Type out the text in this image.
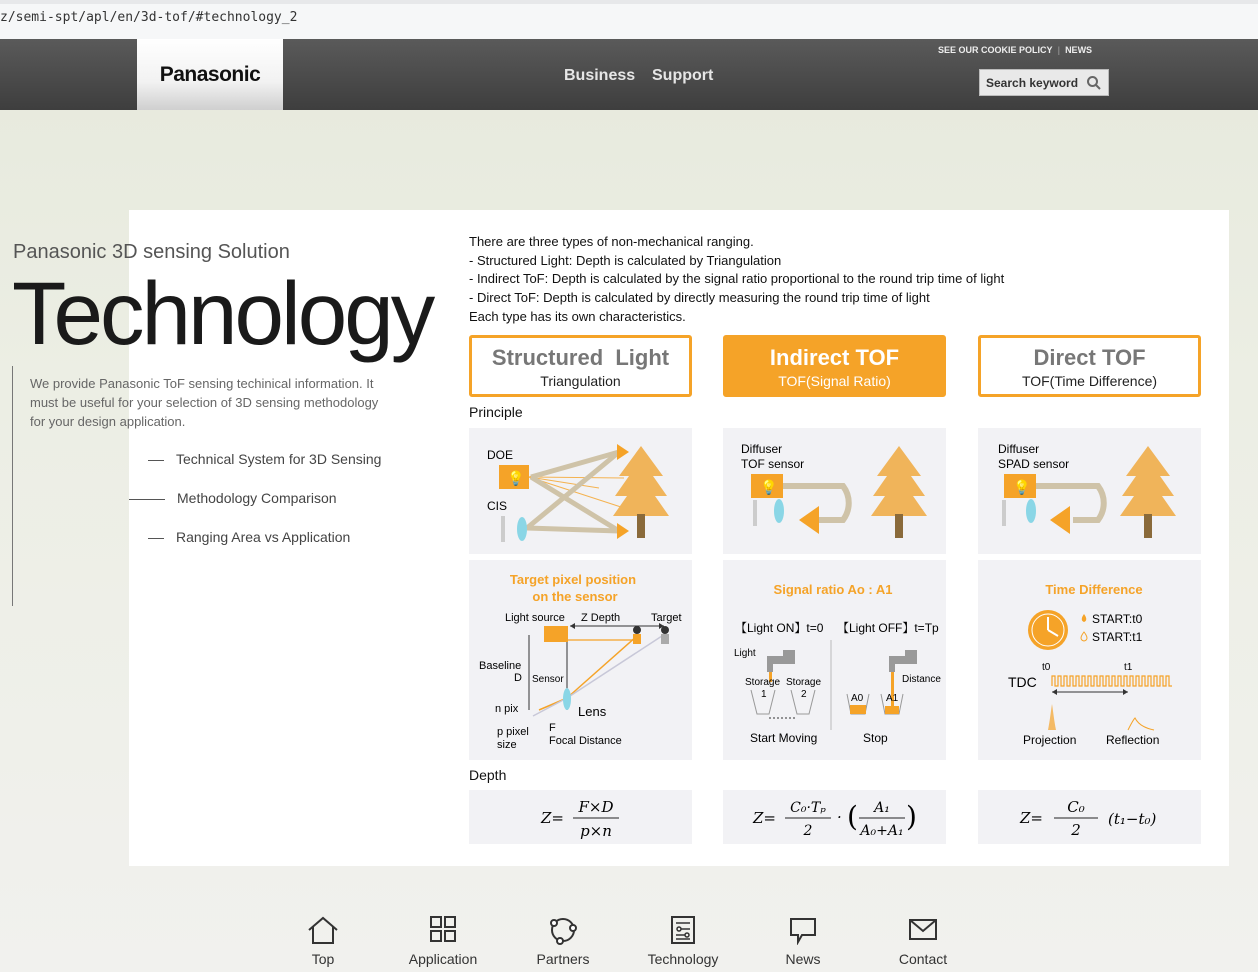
z/semi-spt/apl/en/3d-tof/#technology_2
Panasonic	Business Support
SEE OUR COOKIE POLICY | NEWS
Search keyword
Panasonic 3D sensing Solution
Technology
We provide Panasonic ToF sensing techinical information. It must be useful for your selection of 3D sensing methodology for your design application.
Technical System for 3D Sensing
Methodology Comparison
Ranging Area vs Application
There are three types of non-mechanical ranging.
- Structured Light: Depth is calculated by Triangulation
- Indirect ToF: Depth is calculated by the signal ratio proportional to the round trip time of light
- Direct ToF: Depth is calculated by directly measuring the round trip time of light
Each type has its own characteristics.
Structured  Light
Triangulation
Indirect TOF
TOF(Signal Ratio)
Direct TOF
TOF(Time Difference)
Principle
Depth
DOE
CIS
💡
Diffuser
TOF sensor
💡
Diffuser
SPAD sensor
💡
Target pixel position
on the sensor
Light source Z Depth	Target
Baseline
D Sensor
n pix	Lens
F
p pixel
size	Focal Distance
Signal ratio Ao : A1
【Light ON】t=0 【Light OFF】t=Tp
Light
Storage
1
Storage
2
Distance
A0 A1
Start Moving	Stop
Time Difference
START:t0
START:t1
t0	t1
TDC
Projection Reflection
Z=
F×D
p×n
Z=
C₀·Tₚ
2
· ( A₁
A₀+A₁ )	Z=
C₀
2
(t₁−t₀)
Top	Application	Partners	Technology	News	Contact
